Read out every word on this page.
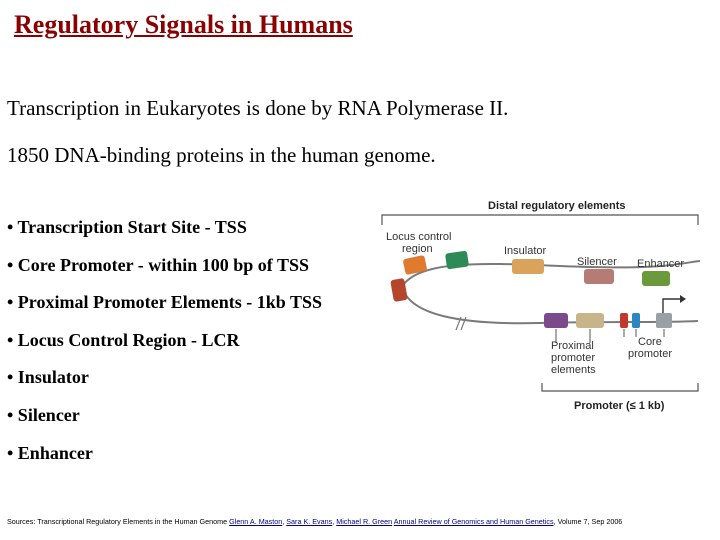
Regulatory Signals in Humans
Transcription in Eukaryotes is done by RNA Polymerase II.
1850 DNA-binding proteins in the human genome.
• Transcription Start Site - TSS
• Core Promoter - within 100 bp of TSS
• Proximal Promoter Elements - 1kb TSS
• Locus Control Region - LCR
• Insulator
• Silencer
• Enhancer
Distal regulatory elements
Locus control
region	Insulator
Silencer Enhancer
Proximal
promoter
elements
Core
promoter
Promoter (≤ 1 kb)
Sources: Transcriptional Regulatory Elements in the Human Genome Glenn A. Maston, Sara K. Evans, Michael R. Green Annual Review of Genomics and Human Genetics, Volume 7, Sep 2006
